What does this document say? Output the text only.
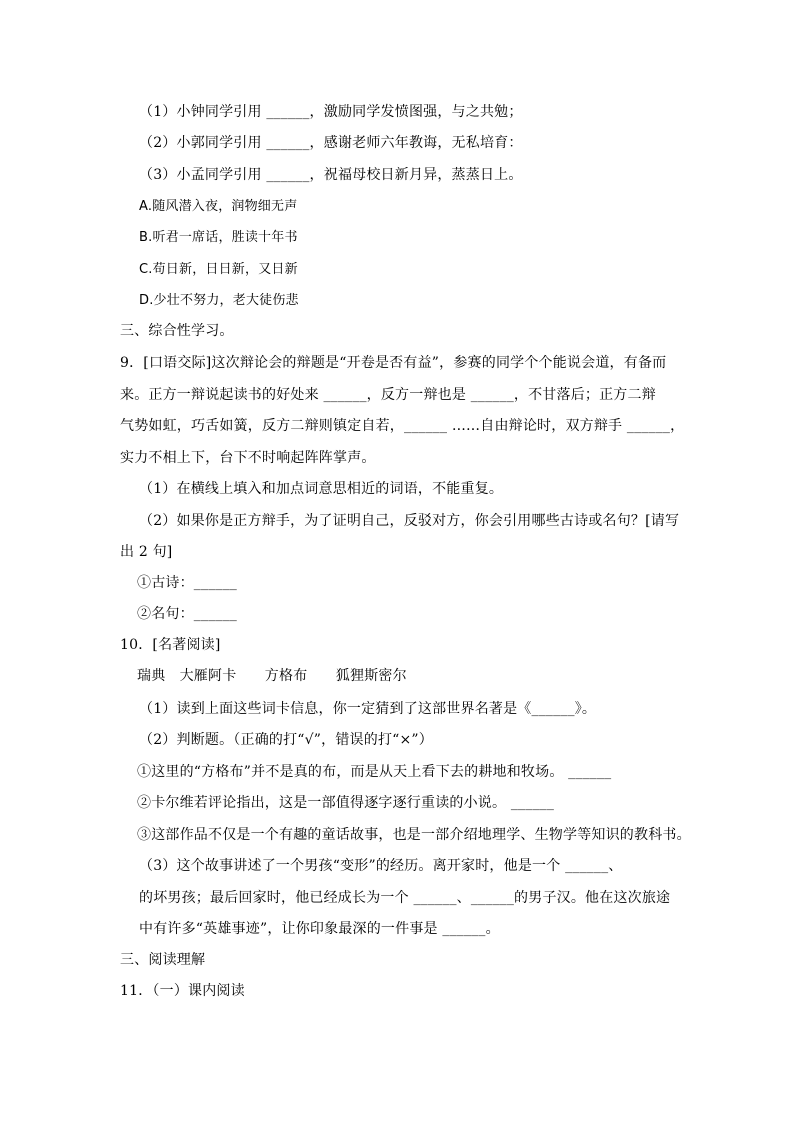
（1）小钟同学引用 ______，激励同学发愤图强，与之共勉；
（2）小郭同学引用 ______，感谢老师六年教诲，无私培育：
（3）小孟同学引用 ______，祝福母校日新月异，蒸蒸日上。
A.随风潜入夜，润物细无声
B.听君一席话，胜读十年书
C.苟日新，日日新，又日新
D.少壮不努力，老大徒伤悲
三、综合性学习。
9．[口语交际]这次辩论会的辩题是“开卷是否有益”，参赛的同学个个能说会道，有备而
来。正方一辩说起读书的好处来 ______，反方一辩也是 ______，不甘落后；正方二辩
气势如虹，巧舌如簧，反方二辩则镇定自若，______ ……自由辩论时，双方辩手 ______，
实力不相上下，台下不时响起阵阵掌声。
（1）在横线上填入和加点词意思相近的词语，不能重复。
（2）如果你是正方辩手，为了证明自己，反驳对方，你会引用哪些古诗或名句？[请写
出 2 句]
①古诗：______
②名句：______
10．[名著阅读]
瑞典　大雁阿卡　　方格布　　狐狸斯密尔
（1）读到上面这些词卡信息，你一定猜到了这部世界名著是《______》。
（2）判断题。（正确的打“√”，错误的打“×”）
①这里的“方格布”并不是真的布，而是从天上看下去的耕地和牧场。 ______
②卡尔维若评论指出，这是一部值得逐字逐行重读的小说。 ______
③这部作品不仅是一个有趣的童话故事，也是一部介绍地理学、生物学等知识的教科书。
（3）这个故事讲述了一个男孩“变形”的经历。离开家时，他是一个 ______、
的坏男孩；最后回家时，他已经成长为一个 ______、______的男子汉。他在这次旅途
中有许多“英雄事迹”，让你印象最深的一件事是 ______。
三、阅读理解
11．（一）课内阅读
